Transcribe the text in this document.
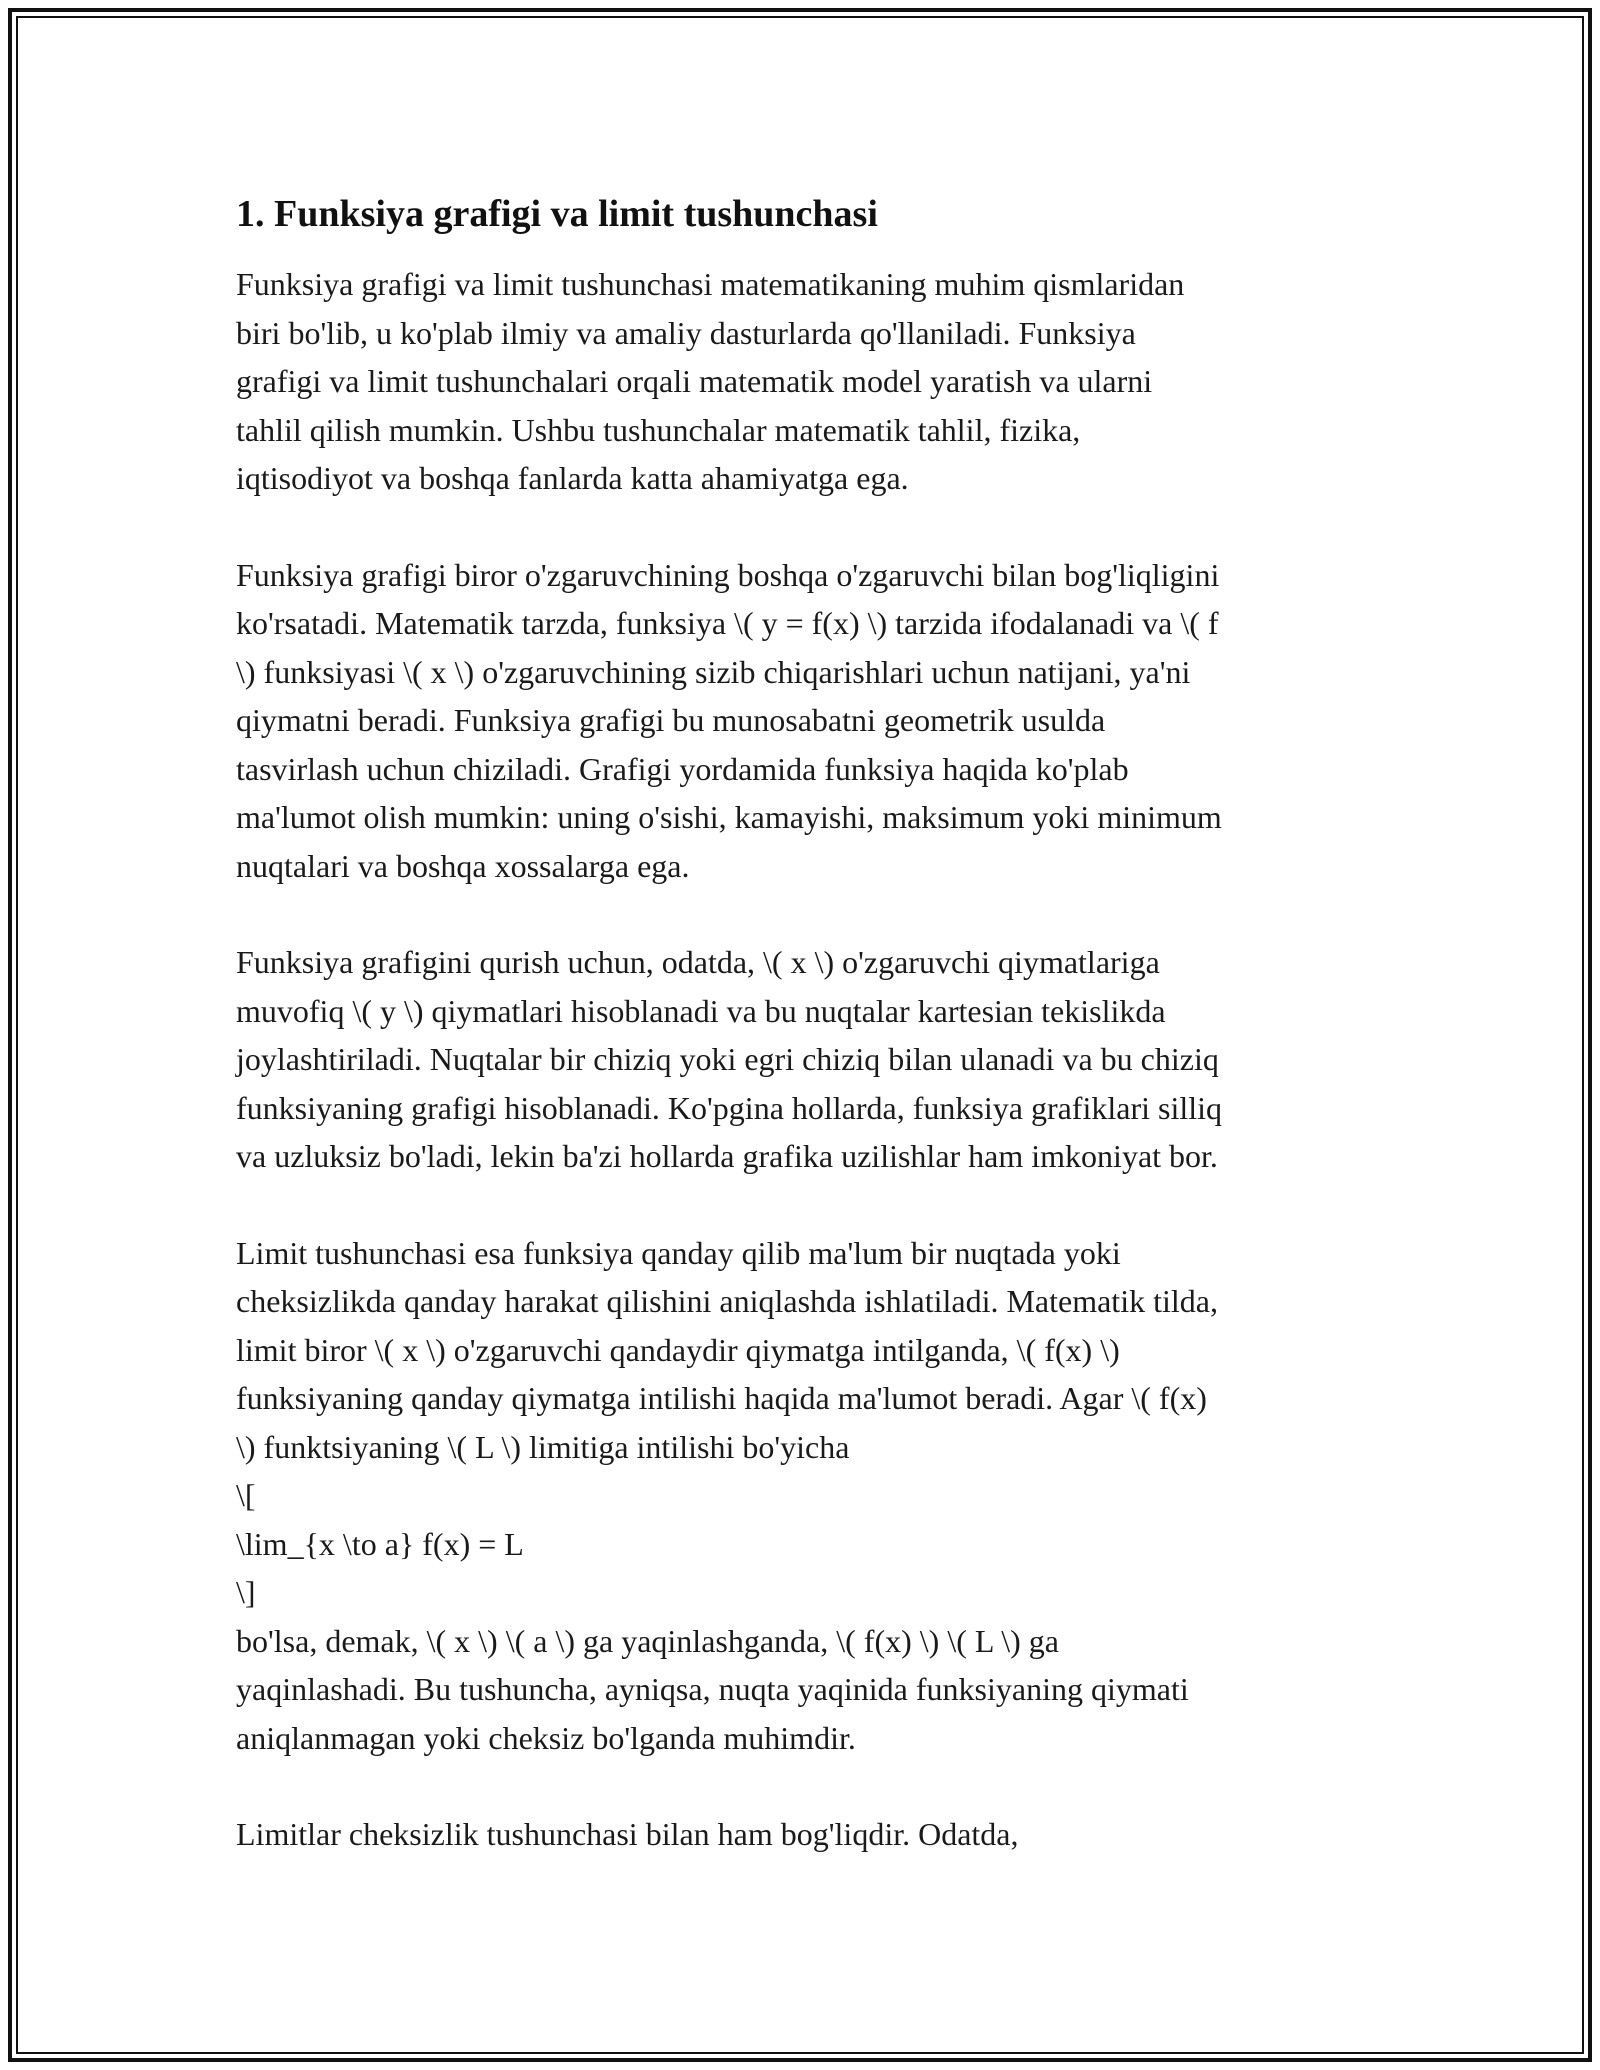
1. Funksiya grafigi va limit tushunchasi

Funksiya grafigi va limit tushunchasi matematikaning muhim qismlaridan
biri bo'lib, u ko'plab ilmiy va amaliy dasturlarda qo'llaniladi. Funksiya
grafigi va limit tushunchalari orqali matematik model yaratish va ularni
tahlil qilish mumkin. Ushbu tushunchalar matematik tahlil, fizika,
iqtisodiyot va boshqa fanlarda katta ahamiyatga ega.

Funksiya grafigi biror o'zgaruvchining boshqa o'zgaruvchi bilan bog'liqligini
ko'rsatadi. Matematik tarzda, funksiya \( y = f(x) \) tarzida ifodalanadi va \( f
\) funksiyasi \( x \) o'zgaruvchining sizib chiqarishlari uchun natijani, ya'ni
qiymatni beradi. Funksiya grafigi bu munosabatni geometrik usulda
tasvirlash uchun chiziladi. Grafigi yordamida funksiya haqida ko'plab
ma'lumot olish mumkin: uning o'sishi, kamayishi, maksimum yoki minimum
nuqtalari va boshqa xossalarga ega.

Funksiya grafigini qurish uchun, odatda, \( x \) o'zgaruvchi qiymatlariga
muvofiq \( y \) qiymatlari hisoblanadi va bu nuqtalar kartesian tekislikda
joylashtiriladi. Nuqtalar bir chiziq yoki egri chiziq bilan ulanadi va bu chiziq
funksiyaning grafigi hisoblanadi. Ko'pgina hollarda, funksiya grafiklari silliq
va uzluksiz bo'ladi, lekin ba'zi hollarda grafika uzilishlar ham imkoniyat bor.

Limit tushunchasi esa funksiya qanday qilib ma'lum bir nuqtada yoki
cheksizlikda qanday harakat qilishini aniqlashda ishlatiladi. Matematik tilda,
limit biror \( x \) o'zgaruvchi qandaydir qiymatga intilganda, \( f(x) \)
funksiyaning qanday qiymatga intilishi haqida ma'lumot beradi. Agar \( f(x)
\) funktsiyaning \( L \) limitiga intilishi bo'yicha
\[
\lim_{x \to a} f(x) = L
\]
bo'lsa, demak, \( x \) \( a \) ga yaqinlashganda, \( f(x) \) \( L \) ga
yaqinlashadi. Bu tushuncha, ayniqsa, nuqta yaqinida funksiyaning qiymati
aniqlanmagan yoki cheksiz bo'lganda muhimdir.

Limitlar cheksizlik tushunchasi bilan ham bog'liqdir. Odatda,
